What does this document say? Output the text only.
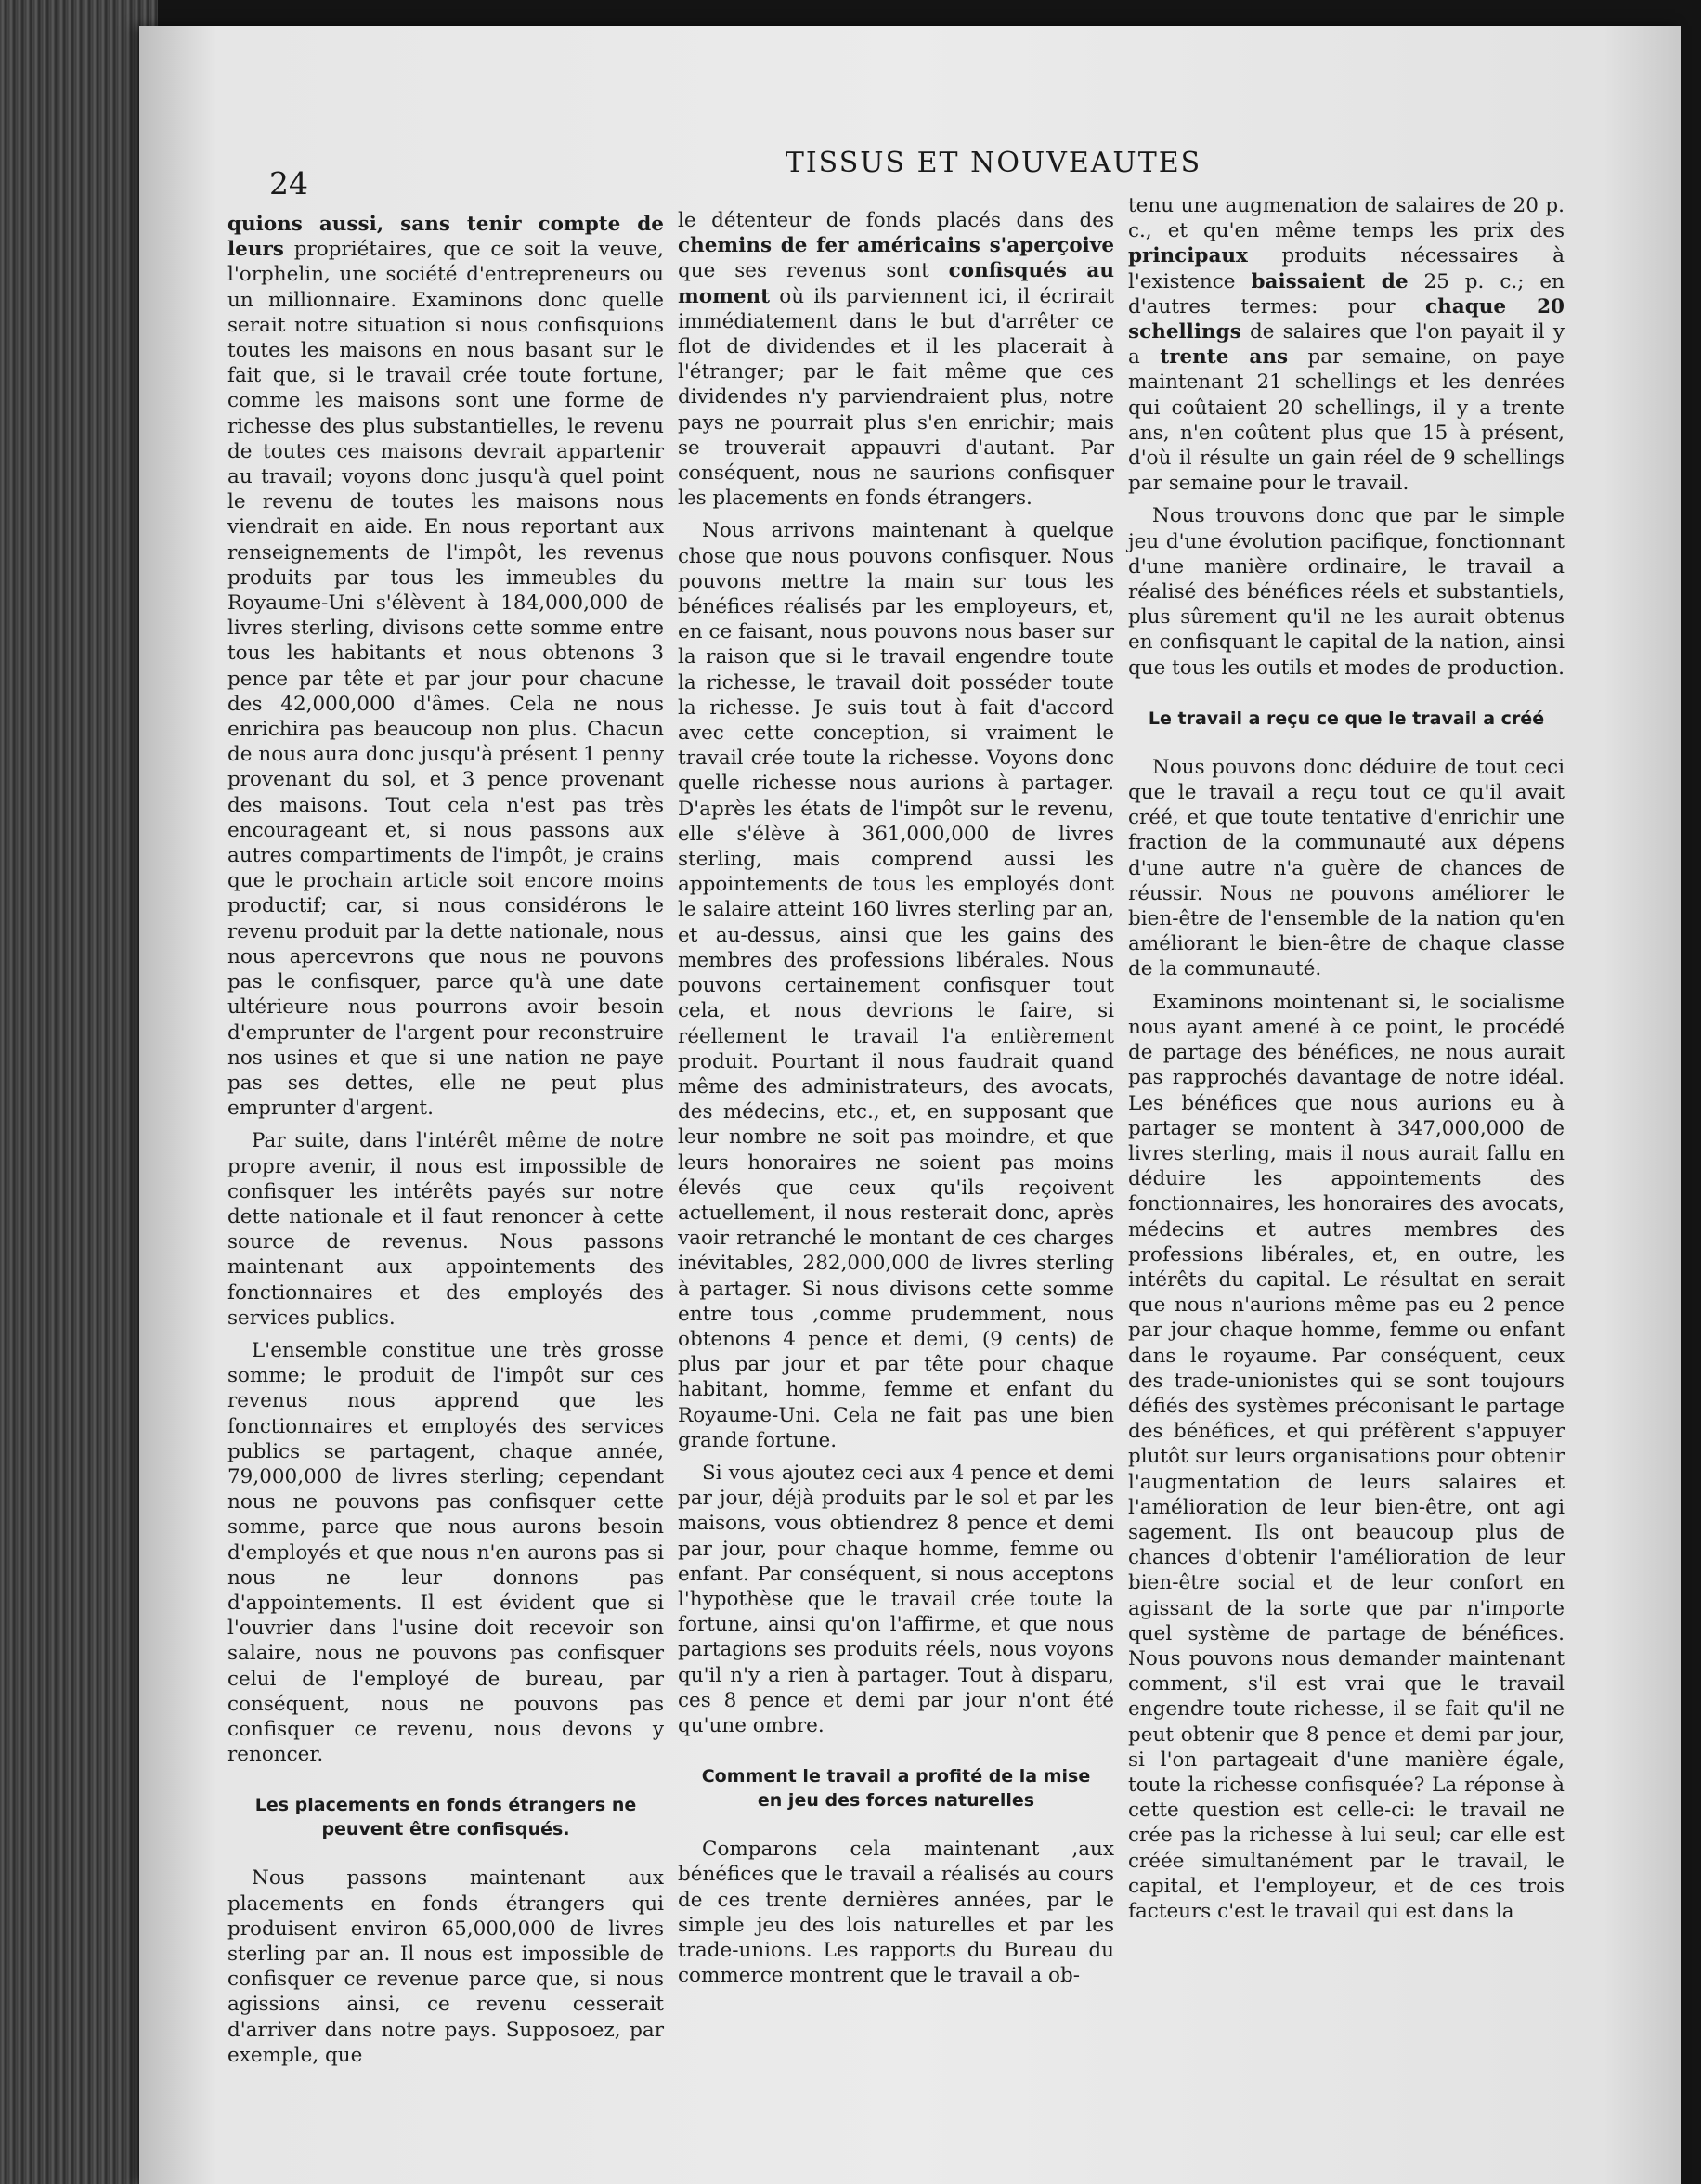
24
TISSUS ET NOUVEAUTES

quions aussi, sans tenir compte de leurs propriétaires, que ce soit la veuve, l'orphelin, une société d'entrepreneurs ou un millionnaire. Examinons donc quelle serait notre situation si nous confisquions toutes les maisons en nous basant sur le fait que, si le travail crée toute fortune, comme les maisons sont une forme de richesse des plus substantielles, le revenu de toutes ces maisons devrait appartenir au travail; voyons donc jusqu'à quel point le revenu de toutes les maisons nous viendrait en aide. En nous reportant aux renseignements de l'impôt, les revenus produits par tous les immeubles du Royaume-Uni s'élèvent à 184,000,000 de livres sterling, divisons cette somme entre tous les habitants et nous obtenons 3 pence par tête et par jour pour chacune des 42,000,000 d'âmes. Cela ne nous enrichira pas beaucoup non plus. Chacun de nous aura donc jusqu'à présent 1 penny provenant du sol, et 3 pence provenant des maisons. Tout cela n'est pas très encourageant et, si nous passons aux autres compartiments de l'impôt, je crains que le prochain article soit encore moins productif; car, si nous considérons le revenu produit par la dette nationale, nous nous apercevrons que nous ne pouvons pas le confisquer, parce qu'à une date ultérieure nous pourrons avoir besoin d'emprunter de l'argent pour reconstruire nos usines et que si une nation ne paye pas ses dettes, elle ne peut plus emprunter d'argent.

Par suite, dans l'intérêt même de notre propre avenir, il nous est impossible de confisquer les intérêts payés sur notre dette nationale et il faut renoncer à cette source de revenus. Nous passons maintenant aux appointements des fonctionnaires et des employés des services publics.

L'ensemble constitue une très grosse somme; le produit de l'impôt sur ces revenus nous apprend que les fonctionnaires et employés des services publics se partagent, chaque année, 79,000,000 de livres sterling; cependant nous ne pouvons pas confisquer cette somme, parce que nous aurons besoin d'employés et que nous n'en aurons pas si nous ne leur donnons pas d'appointements. Il est évident que si l'ouvrier dans l'usine doit recevoir son salaire, nous ne pouvons pas confisquer celui de l'employé de bureau, par conséquent, nous ne pouvons pas confisquer ce revenu, nous devons y renoncer.

Les placements en fonds étrangers ne peuvent être confisqués.

Nous passons maintenant aux placements en fonds étrangers qui produisent environ 65,000,000 de livres sterling par an. Il nous est impossible de confisquer ce revenue parce que, si nous agissions ainsi, ce revenu cesserait d'arriver dans notre pays. Supposoez, par exemple, que

le détenteur de fonds placés dans des chemins de fer américains s'aperçoive que ses revenus sont confisqués au moment où ils parviennent ici, il écrirait immédiatement dans le but d'arrêter ce flot de dividendes et il les placerait à l'étranger; par le fait même que ces dividendes n'y parviendraient plus, notre pays ne pourrait plus s'en enrichir; mais se trouverait appauvri d'autant. Par conséquent, nous ne saurions confisquer les placements en fonds étrangers.

Nous arrivons maintenant à quelque chose que nous pouvons confisquer. Nous pouvons mettre la main sur tous les bénéfices réalisés par les employeurs, et, en ce faisant, nous pouvons nous baser sur la raison que si le travail engendre toute la richesse, le travail doit posséder toute la richesse. Je suis tout à fait d'accord avec cette conception, si vraiment le travail crée toute la richesse. Voyons donc quelle richesse nous aurions à partager. D'après les états de l'impôt sur le revenu, elle s'élève à 361,000,000 de livres sterling, mais comprend aussi les appointements de tous les employés dont le salaire atteint 160 livres sterling par an, et au-dessus, ainsi que les gains des membres des professions libérales. Nous pouvons certainement confisquer tout cela, et nous devrions le faire, si réellement le travail l'a entièrement produit. Pourtant il nous faudrait quand même des administrateurs, des avocats, des médecins, etc., et, en supposant que leur nombre ne soit pas moindre, et que leurs honoraires ne soient pas moins élevés que ceux qu'ils reçoivent actuellement, il nous resterait donc, après vaoir retranché le montant de ces charges inévitables, 282,000,000 de livres sterling à partager. Si nous divisons cette somme entre tous ,comme prudemment, nous obtenons 4 pence et demi, (9 cents) de plus par jour et par tête pour chaque habitant, homme, femme et enfant du Royaume-Uni. Cela ne fait pas une bien grande fortune.

Si vous ajoutez ceci aux 4 pence et demi par jour, déjà produits par le sol et par les maisons, vous obtiendrez 8 pence et demi par jour, pour chaque homme, femme ou enfant. Par conséquent, si nous acceptons l'hypothèse que le travail crée toute la fortune, ainsi qu'on l'affirme, et que nous partagions ses produits réels, nous voyons qu'il n'y a rien à partager. Tout à disparu, ces 8 pence et demi par jour n'ont été qu'une ombre.

Comment le travail a profité de la mise en jeu des forces naturelles

Comparons cela maintenant ,aux bénéfices que le travail a réalisés au cours de ces trente dernières années, par le simple jeu des lois naturelles et par les trade-unions. Les rapports du Bureau du commerce montrent que le travail a ob-

tenu une augmenation de salaires de 20 p. c., et qu'en même temps les prix des principaux produits nécessaires à l'existence baissaient de 25 p. c.; en d'autres termes: pour chaque 20 schellings de salaires que l'on payait il y a trente ans par semaine, on paye maintenant 21 schellings et les denrées qui coûtaient 20 schellings, il y a trente ans, n'en coûtent plus que 15 à présent, d'où il résulte un gain réel de 9 schellings par semaine pour le travail.

Nous trouvons donc que par le simple jeu d'une évolution pacifique, fonctionnant d'une manière ordinaire, le travail a réalisé des bénéfices réels et substantiels, plus sûrement qu'il ne les aurait obtenus en confisquant le capital de la nation, ainsi que tous les outils et modes de production.

Le travail a reçu ce que le travail a créé

Nous pouvons donc déduire de tout ceci que le travail a reçu tout ce qu'il avait créé, et que toute tentative d'enrichir une fraction de la communauté aux dépens d'une autre n'a guère de chances de réussir. Nous ne pouvons améliorer le bien-être de l'ensemble de la nation qu'en améliorant le bien-être de chaque classe de la communauté.

Examinons mointenant si, le socialisme nous ayant amené à ce point, le procédé de partage des bénéfices, ne nous aurait pas rapprochés davantage de notre idéal. Les bénéfices que nous aurions eu à partager se montent à 347,000,000 de livres sterling, mais il nous aurait fallu en déduire les appointements des fonctionnaires, les honoraires des avocats, médecins et autres membres des professions libérales, et, en outre, les intérêts du capital. Le résultat en serait que nous n'aurions même pas eu 2 pence par jour chaque homme, femme ou enfant dans le royaume. Par conséquent, ceux des trade-unionistes qui se sont toujours défiés des systèmes préconisant le partage des bénéfices, et qui préfèrent s'appuyer plutôt sur leurs organisations pour obtenir l'augmentation de leurs salaires et l'amélioration de leur bien-être, ont agi sagement. Ils ont beaucoup plus de chances d'obtenir l'amélioration de leur bien-être social et de leur confort en agissant de la sorte que par n'importe quel système de partage de bénéfices. Nous pouvons nous demander maintenant comment, s'il est vrai que le travail engendre toute richesse, il se fait qu'il ne peut obtenir que 8 pence et demi par jour, si l'on partageait d'une manière égale, toute la richesse confisquée? La réponse à cette question est celle-ci: le travail ne crée pas la richesse à lui seul; car elle est créée simultanément par le travail, le capital, et l'employeur, et de ces trois facteurs c'est le travail qui est dans la
